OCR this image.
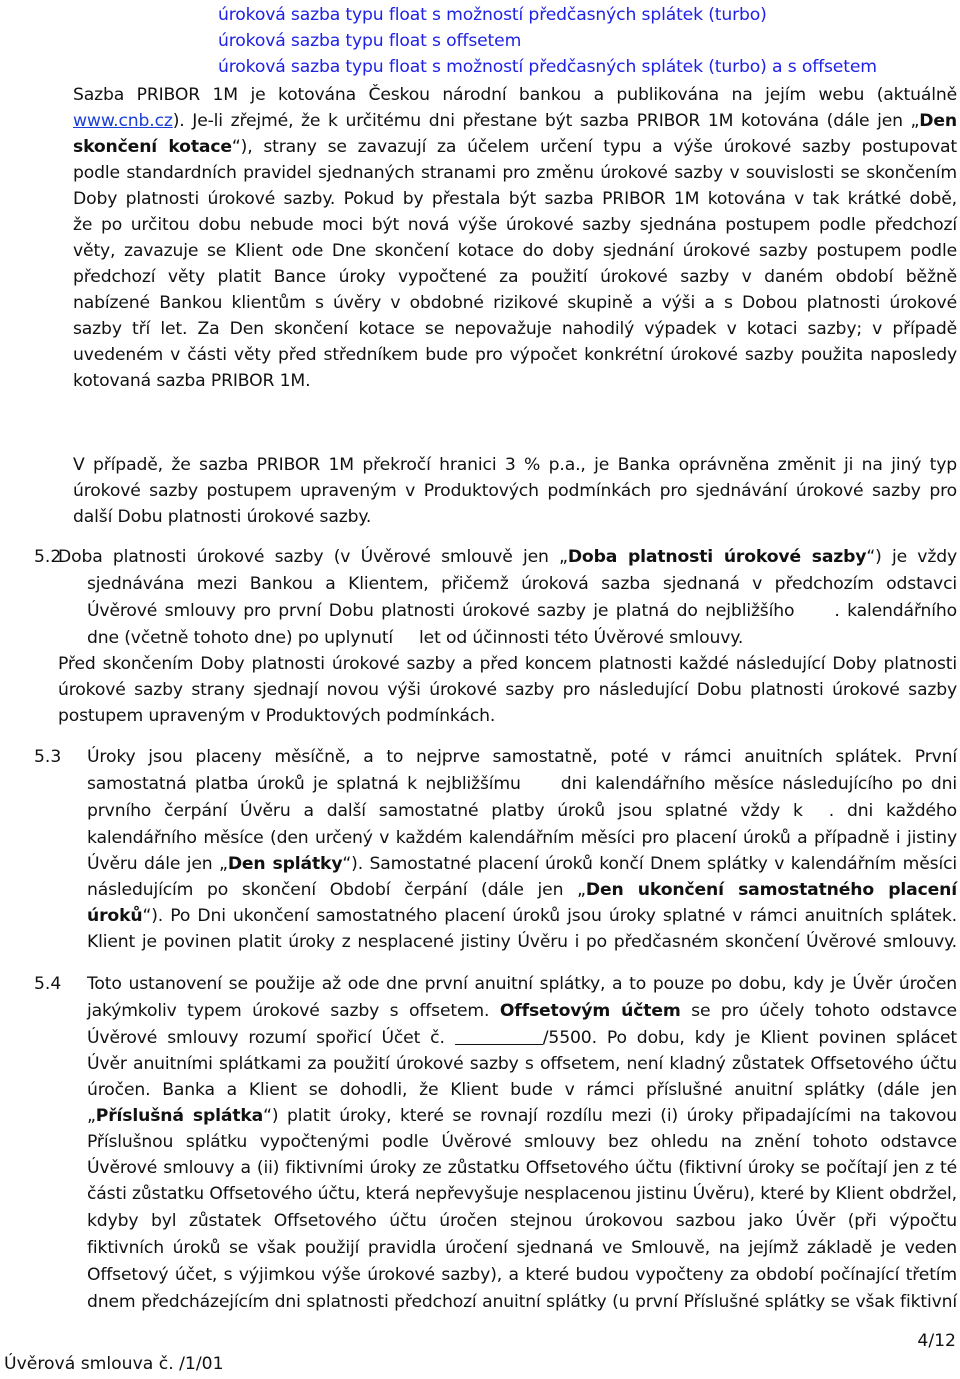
úroková sazba typu float s možností předčasných splátek (turbo)
úroková sazba typu float s offsetem
úroková sazba typu float s možností předčasných splátek (turbo) a s offsetem
Sazba PRIBOR 1M je kotována Českou národní bankou a publikována na jejím webu (aktuálně
www.cnb.cz). Je-li zřejmé, že k určitému dni přestane být sazba PRIBOR 1M kotována (dále jen „Den
skončení kotace“), strany se zavazují za účelem určení typu a výše úrokové sazby postupovat
podle standardních pravidel sjednaných stranami pro změnu úrokové sazby v souvislosti se skončením
Doby platnosti úrokové sazby. Pokud by přestala být sazba PRIBOR 1M kotována v tak krátké době,
že po určitou dobu nebude moci být nová výše úrokové sazby sjednána postupem podle předchozí
věty, zavazuje se Klient ode Dne skončení kotace do doby sjednání úrokové sazby postupem podle
předchozí věty platit Bance úroky vypočtené za použití úrokové sazby v daném období běžně
nabízené Bankou klientům s úvěry v obdobné rizikové skupině a výši a s Dobou platnosti úrokové
sazby tří let. Za Den skončení kotace se nepovažuje nahodilý výpadek v kotaci sazby; v případě
uvedeném v části věty před středníkem bude pro výpočet konkrétní úrokové sazby použita naposledy
kotovaná sazba PRIBOR 1M.
V případě, že sazba PRIBOR 1M překročí hranici 3 % p.a., je Banka oprávněna změnit ji na jiný typ
úrokové sazby postupem upraveným v Produktových podmínkách pro sjednávání úrokové sazby pro
další Dobu platnosti úrokové sazby.
5.2
Doba platnosti úrokové sazby (v Úvěrové smlouvě jen „Doba platnosti úrokové sazby“) je vždy
sjednávána mezi Bankou a Klientem, přičemž úroková sazba sjednaná v předchozím odstavci
Úvěrové smlouvy pro první Dobu platnosti úrokové sazby je platná do nejbližšího . kalendářního
dne (včetně tohoto dne) po uplynutí let od účinnosti této Úvěrové smlouvy.
Před skončením Doby platnosti úrokové sazby a před koncem platnosti každé následující Doby platnosti
úrokové sazby strany sjednají novou výši úrokové sazby pro následující Dobu platnosti úrokové sazby
postupem upraveným v Produktových podmínkách.
5.3 Úroky jsou placeny měsíčně, a to nejprve samostatně, poté v rámci anuitních splátek. První
samostatná platba úroků je splatná k nejbližšímu dni kalendářního měsíce následujícího po dni
prvního čerpání Úvěru a další samostatné platby úroků jsou splatné vždy k . dni každého
kalendářního měsíce (den určený v každém kalendářním měsíci pro placení úroků a případně i jistiny
Úvěru dále jen „Den splátky“). Samostatné placení úroků končí Dnem splátky v kalendářním měsíci
následujícím po skončení Období čerpání (dále jen „Den ukončení samostatného placení
úroků“). Po Dni ukončení samostatného placení úroků jsou úroky splatné v rámci anuitních splátek.
Klient je povinen platit úroky z nesplacené jistiny Úvěru i po předčasném skončení Úvěrové smlouvy.
5.4 Toto ustanovení se použije až ode dne první anuitní splátky, a to pouze po dobu, kdy je Úvěr úročen
jakýmkoliv typem úrokové sazby s offsetem. Offsetovým účtem se pro účely tohoto odstavce
Úvěrové smlouvy rozumí spořicí Účet č.	/5500. Po dobu, kdy je Klient povinen splácet
Úvěr anuitními splátkami za použití úrokové sazby s offsetem, není kladný zůstatek Offsetového účtu
úročen. Banka a Klient se dohodli, že Klient bude v rámci příslušné anuitní splátky (dále jen
„Příslušná splátka“) platit úroky, které se rovnají rozdílu mezi (i) úroky připadajícími na takovou
Příslušnou splátku vypočtenými podle Úvěrové smlouvy bez ohledu na znění tohoto odstavce
Úvěrové smlouvy a (ii) fiktivními úroky ze zůstatku Offsetového účtu (fiktivní úroky se počítají jen z té
části zůstatku Offsetového účtu, která nepřevyšuje nesplacenou jistinu Úvěru), které by Klient obdržel,
kdyby byl zůstatek Offsetového účtu úročen stejnou úrokovou sazbou jako Úvěr (při výpočtu
fiktivních úroků se však použijí pravidla úročení sjednaná ve Smlouvě, na jejímž základě je veden
Offsetový účet, s výjimkou výše úrokové sazby), a které budou vypočteny za období počínající třetím
dnem předcházejícím dni splatnosti předchozí anuitní splátky (u první Příslušné splátky se však fiktivní
4/12
Úvěrová smlouva č. /1/01
